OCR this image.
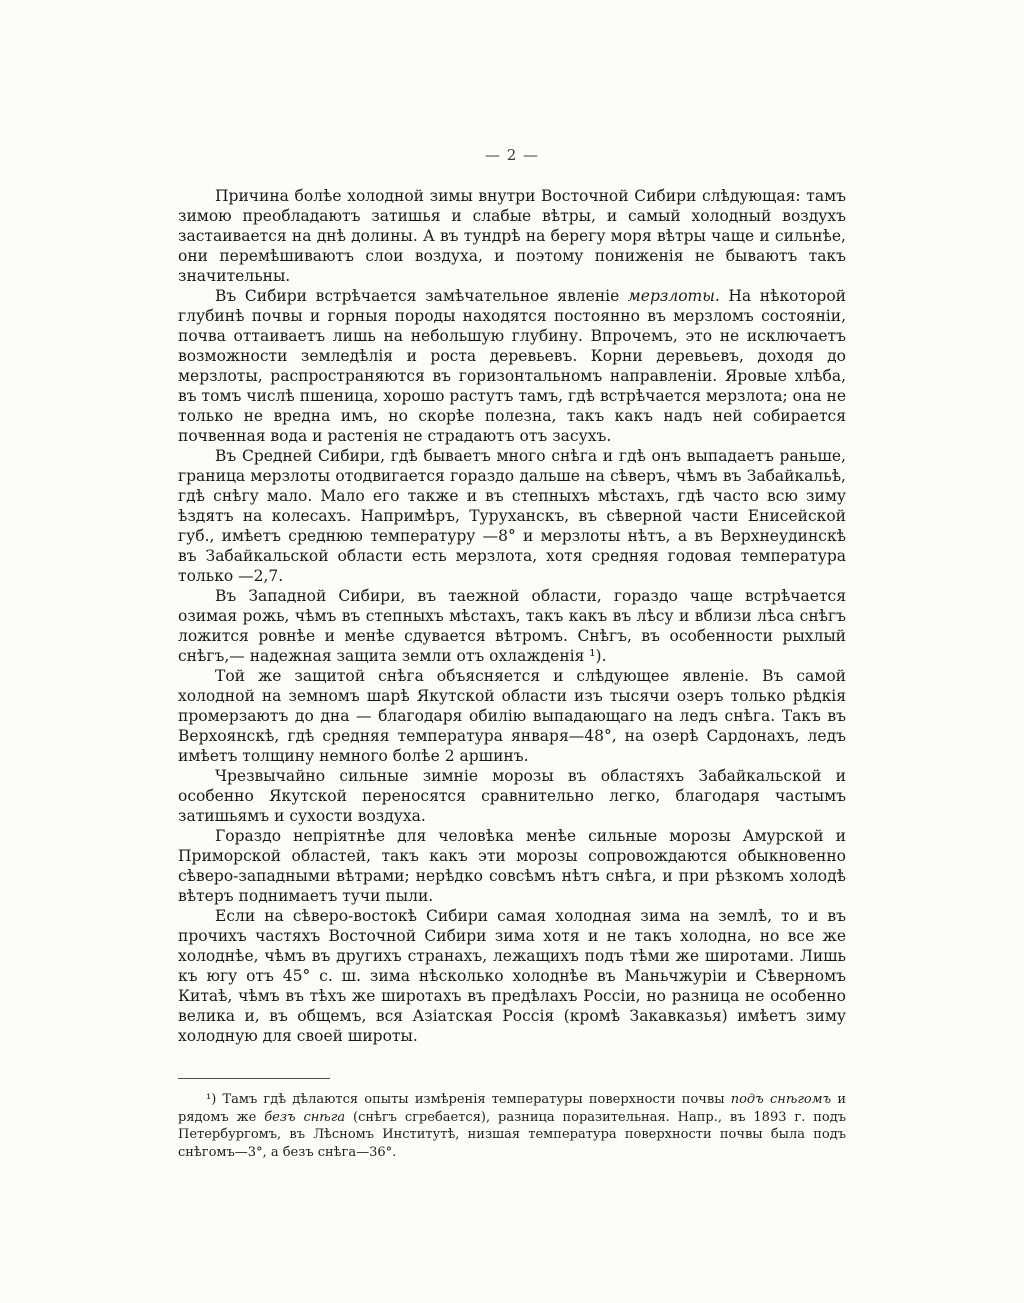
— 2 —

Причина болѣе холодной зимы внутри Восточной Сибири слѣдующая: тамъ зимою преобладаютъ затишья и слабые вѣтры, и самый холодный воздухъ застаивается на днѣ долины. А въ тундрѣ на берегу моря вѣтры чаще и сильнѣе, они перемѣшиваютъ слои воздуха, и поэтому пониженія не бываютъ такъ значительны.

Въ Сибири встрѣчается замѣчательное явленіе мерзлоты. На нѣкоторой глубинѣ почвы и горныя породы находятся постоянно въ мерзломъ состояніи, почва оттаиваетъ лишь на небольшую глубину. Впрочемъ, это не исключаетъ возможности земледѣлія и роста деревьевъ. Корни деревьевъ, доходя до мерзлоты, распространяются въ горизонтальномъ направленіи. Яровые хлѣба, въ томъ числѣ пшеница, хорошо растутъ тамъ, гдѣ встрѣчается мерзлота; она не только не вредна имъ, но скорѣе полезна, такъ какъ надъ ней собирается почвенная вода и растенія не страдаютъ отъ засухъ.

Въ Средней Сибири, гдѣ бываетъ много снѣга и гдѣ онъ выпадаетъ раньше, граница мерзлоты отодвигается гораздо дальше на сѣверъ, чѣмъ въ Забайкальѣ, гдѣ снѣгу мало. Мало его также и въ степныхъ мѣстахъ, гдѣ часто всю зиму ѣздятъ на колесахъ. Напримѣръ, Туруханскъ, въ сѣверной части Енисейской губ., имѣетъ среднюю температуру —8° и мерзлоты нѣтъ, а въ Верхнеудинскѣ въ Забайкальской области есть мерзлота, хотя средняя годовая температура только —2,7.

Въ Западной Сибири, въ таежной области, гораздо чаще встрѣчается озимая рожь, чѣмъ въ степныхъ мѣстахъ, такъ какъ въ лѣсу и вблизи лѣса снѣгъ ложится ровнѣе и менѣе сдувается вѣтромъ. Снѣгъ, въ особенности рыхлый снѣгъ,— надежная защита земли отъ охлажденія ¹).

Той же защитой снѣга объясняется и слѣдующее явленіе. Въ самой холодной на земномъ шарѣ Якутской области изъ тысячи озеръ только рѣдкія промерзаютъ до дна — благодаря обилію выпадающаго на ледъ снѣга. Такъ въ Верхоянскѣ, гдѣ средняя температура января—48°, на озерѣ Сардонахъ, ледъ имѣетъ толщину немного болѣе 2 аршинъ.

Чрезвычайно сильные зимніе морозы въ областяхъ Забайкальской и особенно Якутской переносятся сравнительно легко, благодаря частымъ затишьямъ и сухости воздуха.

Гораздо непріятнѣе для человѣка менѣе сильные морозы Амурской и Приморской областей, такъ какъ эти морозы сопровождаются обыкновенно сѣверо-западными вѣтрами; нерѣдко совсѣмъ нѣтъ снѣга, и при рѣзкомъ холодѣ вѣтеръ поднимаетъ тучи пыли.

Если на сѣверо-востокѣ Сибири самая холодная зима на землѣ, то и въ прочихъ частяхъ Восточной Сибири зима хотя и не такъ холодна, но все же холоднѣе, чѣмъ въ другихъ странахъ, лежащихъ подъ тѣми же широтами. Лишь къ югу отъ 45° с. ш. зима нѣсколько холоднѣе въ Маньчжуріи и Сѣверномъ Китаѣ, чѣмъ въ тѣхъ же широтахъ въ предѣлахъ Россіи, но разница не особенно велика и, въ общемъ, вся Азіатская Россія (кромѣ Закавказья) имѣетъ зиму холодную для своей широты.

¹) Тамъ гдѣ дѣлаются опыты измѣренія температуры поверхности почвы подъ снѣгомъ и рядомъ же безъ снѣга (снѣгъ сгребается), разница поразительная. Напр., въ 1893 г. подъ Петербургомъ, въ Лѣсномъ Институтѣ, низшая температура поверхности почвы была подъ снѣгомъ—3°, а безъ снѣга—36°.
